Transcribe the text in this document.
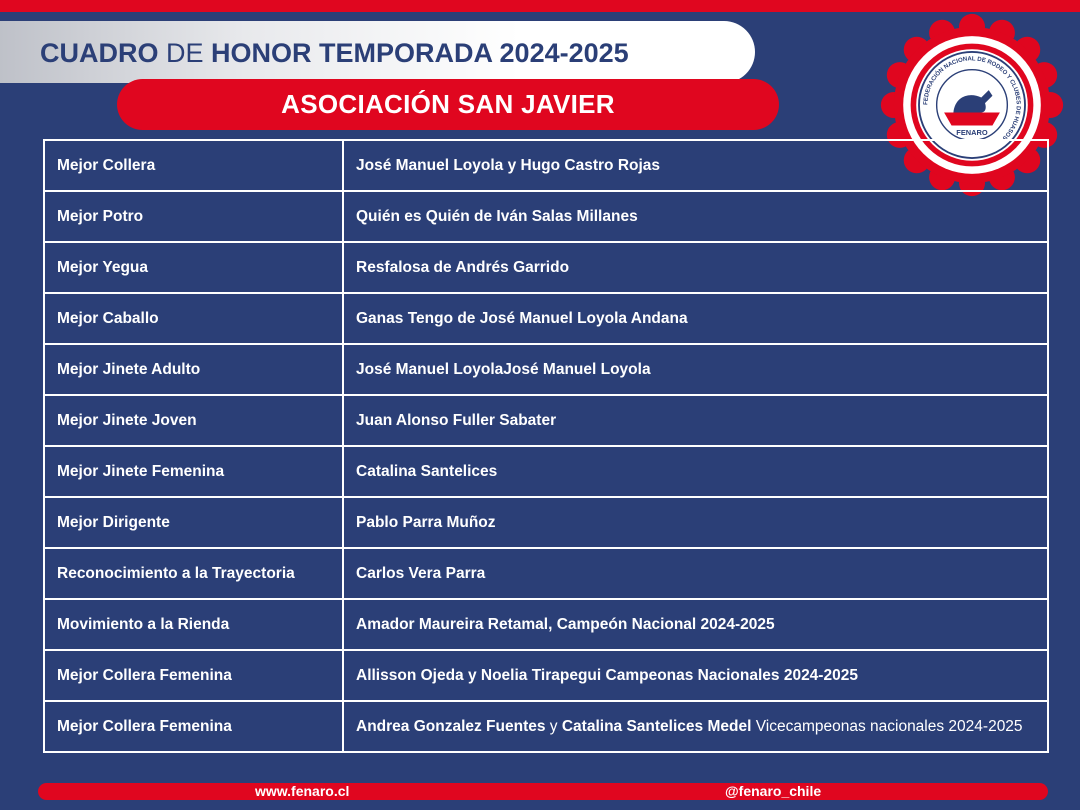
CUADRO DE HONOR TEMPORADA 2024-2025
ASOCIACIÓN SAN JAVIER	FEDERACIÓN NACIONAL DE RODEO Y CLUBES DE HUASOS
FENARO
Mejor Collera	José Manuel Loyola y Hugo Castro Rojas
Mejor Potro	Quién es Quién de Iván Salas Millanes
Mejor Yegua	Resfalosa de Andrés Garrido
Mejor Caballo	Ganas Tengo de José Manuel Loyola Andana
Mejor Jinete Adulto	José Manuel LoyolaJosé Manuel Loyola
Mejor Jinete Joven	Juan Alonso Fuller Sabater
Mejor Jinete Femenina	Catalina Santelices
Mejor Dirigente	Pablo Parra Muñoz
Reconocimiento a la Trayectoria	Carlos Vera Parra
Movimiento a la Rienda	Amador Maureira Retamal, Campeón Nacional 2024-2025
Mejor Collera Femenina	Allisson Ojeda y Noelia Tirapegui Campeonas Nacionales 2024-2025
Mejor Collera Femenina	Andrea Gonzalez Fuentes y Catalina Santelices Medel Vicecampeonas nacionales 2024-2025
www.fenaro.cl	@fenaro_chile
